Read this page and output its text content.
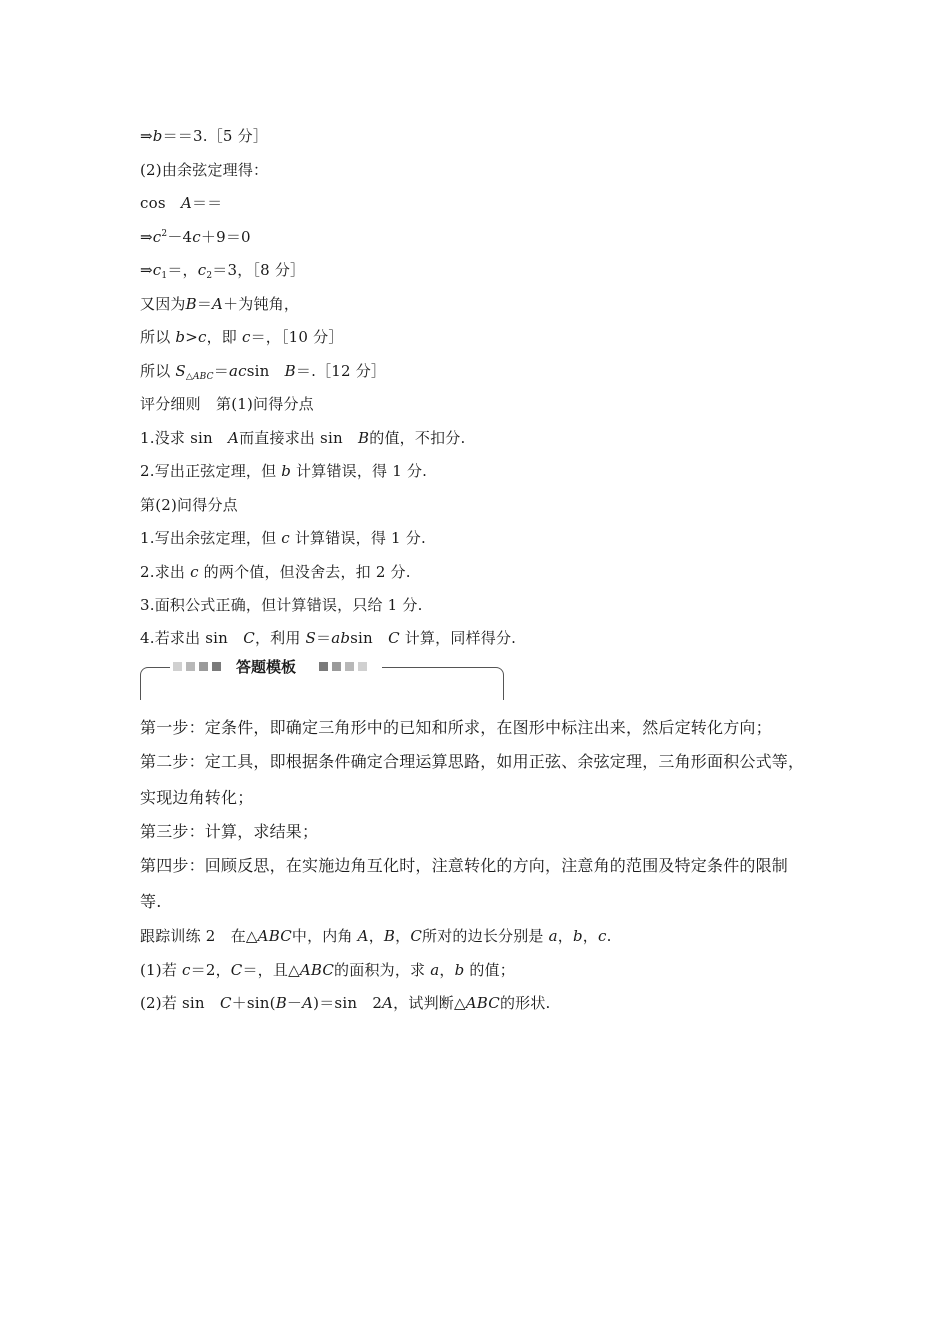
⇒b＝＝3.［5 分］
(2)由余弦定理得：
cos　A＝＝
$\Rightarrow c^2-4c+9=0$
$\Rightarrow c_1=$，$c_2=3$，［8 分］
又因为B＝A＋为钝角，
所以 b>c，即 c＝，［10 分］
所以 $S_{\triangle ABC}=acsin$　B＝.［12 分］
评分细则　第(1)问得分点
1.没求 sin　A而直接求出 sin　B的值，不扣分.
2.写出正弦定理，但 b 计算错误，得 1 分.
第(2)问得分点
1.写出余弦定理，但 c 计算错误，得 1 分.
2.求出 c 的两个值，但没舍去，扣 2 分.
3.面积公式正确，但计算错误，只给 1 分.
4.若求出 sin　C，利用 S＝absin　C 计算，同样得分.
答题模板
第一步：定条件，即确定三角形中的已知和所求，在图形中标注出来，然后定转化方向；
第二步：定工具，即根据条件确定合理运算思路，如用正弦、余弦定理，三角形面积公式等，
实现边角转化；
第三步：计算，求结果；
第四步：回顾反思，在实施边角互化时，注意转化的方向，注意角的范围及特定条件的限制
等.
跟踪训练 2　在△ABC中，内角 A，B，C所对的边长分别是 a，b，c.
(1)若 c＝2，C＝，且△ABC的面积为，求 a，b 的值；
(2)若 sin　C＋sin(B－A)＝sin　2A，试判断△ABC的形状.
